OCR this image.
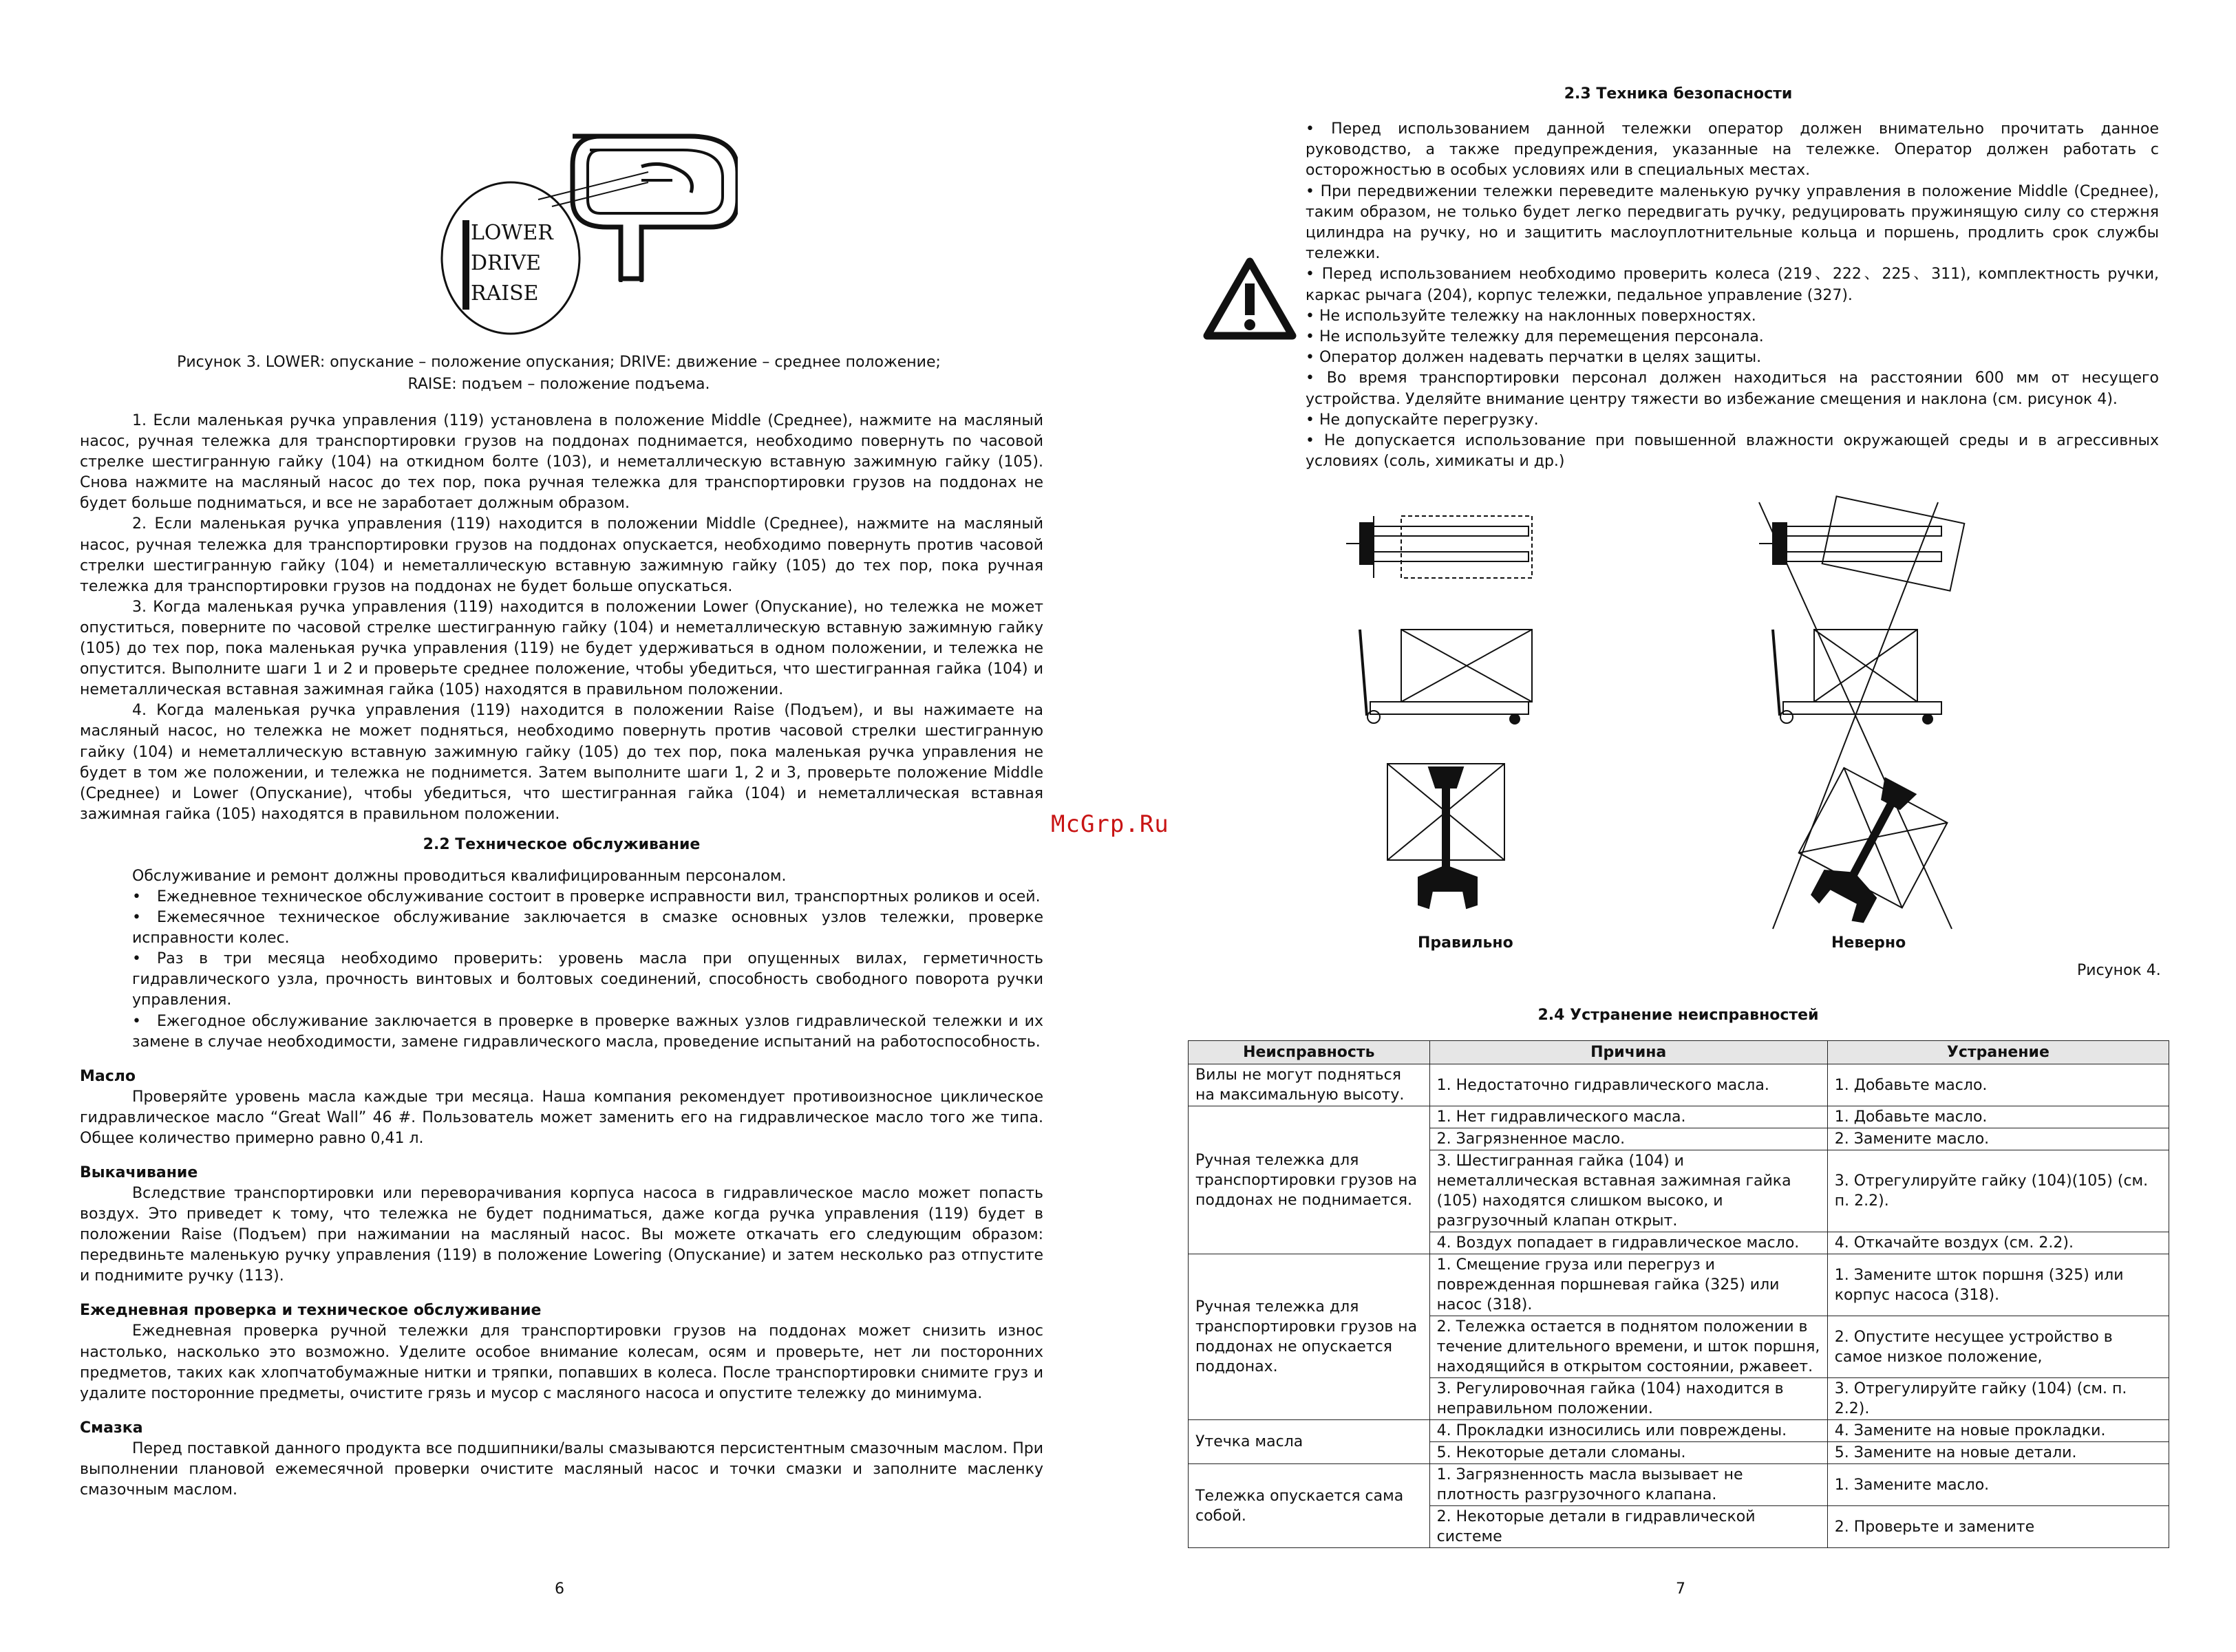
LOWER
DRIVE
RAISE
Рисунок 3. LOWER: опускание – положение опускания; DRIVE: движение – среднее положение;
RAISE: подъем – положение подъема.

1. Если маленькая ручка управления (119) установлена в положение Middle (Среднее), нажмите на масляный насос, ручная тележка для транспортировки грузов на поддонах поднимается, необходимо повернуть по часовой стрелке шестигранную гайку (104) на откидном болте (103), и неметаллическую вставную зажимную гайку (105). Снова нажмите на масляный насос до тех пор, пока ручная тележка для транспортировки грузов на поддонах не будет больше подниматься, и все не заработает должным образом.

2. Если маленькая ручка управления (119) находится в положении Middle (Среднее), нажмите на масляный насос, ручная тележка для транспортировки грузов на поддонах опускается, необходимо повернуть против часовой стрелки шестигранную гайку (104) и неметаллическую вставную зажимную гайку (105) до тех пор, пока ручная тележка для транспортировки грузов на поддонах не будет больше опускаться.

3. Когда маленькая ручка управления (119) находится в положении Lower (Опускание), но тележка не может опуститься, поверните по часовой стрелке шестигранную гайку (104) и неметаллическую вставную зажимную гайку (105) до тех пор, пока маленькая ручка управления (119) не будет удерживаться в одном положении, и тележка не опустится. Выполните шаги 1 и 2 и проверьте среднее положение, чтобы убедиться, что шестигранная гайка (104) и неметаллическая вставная зажимная гайка (105) находятся в правильном положении.

4. Когда маленькая ручка управления (119) находится в положении Raise (Подъем), и вы нажимаете на масляный насос, но тележка не может подняться, необходимо повернуть против часовой стрелки шестигранную гайку (104) и неметаллическую вставную зажимную гайку (105) до тех пор, пока маленькая ручка управления не будет в том же положении, и тележка не поднимется. Затем выполните шаги 1, 2 и 3, проверьте положение Middle (Среднее) и Lower (Опускание), чтобы убедиться, что шестигранная гайка (104) и неметаллическая вставная зажимная гайка (105) находятся в правильном положении.

2.2 Техническое обслуживание

Обслуживание и ремонт должны проводиться квалифицированным персоналом.

• Ежедневное техническое обслуживание состоит в проверке исправности вил, транспортных роликов и осей.

• Ежемесячное техническое обслуживание заключается в смазке основных узлов тележки, проверке исправности колес.

• Раз в три месяца необходимо проверить: уровень масла при опущенных вилах, герметичность гидравлического узла, прочность винтовых и болтовых соединений, способность свободного поворота ручки управления.

• Ежегодное обслуживание заключается в проверке в проверке важных узлов гидравлической тележки и их замене в случае необходимости, замене гидравлического масла, проведение испытаний на работоспособность.

Масло

Проверяйте уровень масла каждые три месяца. Наша компания рекомендует противоизносное циклическое гидравлическое масло “Great Wall” 46 #. Пользователь может заменить его на гидравлическое масло того же типа. Общее количество примерно равно 0,41 л.

Выкачивание

Вследствие транспортировки или переворачивания корпуса насоса в гидравлическое масло может попасть воздух. Это приведет к тому, что тележка не будет подниматься, даже когда ручка управления (119) будет в положении Raise (Подъем) при нажимании на масляный насос. Вы можете откачать его следующим образом: передвиньте маленькую ручку управления (119) в положение Lowering (Опускание) и затем несколько раз отпустите и поднимите ручку (113).

Ежедневная проверка и техническое обслуживание

Ежедневная проверка ручной тележки для транспортировки грузов на поддонах может снизить износ настолько, насколько это возможно. Уделите особое внимание колесам, осям и проверьте, нет ли посторонних предметов, таких как хлопчатобумажные нитки и тряпки, попавших в колеса. После транспортировки снимите груз и удалите посторонние предметы, очистите грязь и мусор с масляного насоса и опустите тележку до минимума.

Смазка

Перед поставкой данного продукта все подшипники/валы смазываются персистентным смазочным маслом. При выполнении плановой ежемесячной проверки очистите масляный насос и точки смазки и заполните масленку смазочным маслом.

6
McGrp.Ru
2.3 Техника безопасности

• Перед использованием данной тележки оператор должен внимательно прочитать данное руководство, а также предупреждения, указанные на тележке. Оператор должен работать с осторожностью в особых условиях или в специальных местах.

• При передвижении тележки переведите маленькую ручку управления в положение Middle (Среднее), таким образом, не только будет легко передвигать ручку, редуцировать пружинящую силу со стержня цилиндра на ручку, но и защитить маслоуплотнительные кольца и поршень, продлить срок службы тележки.

• Перед использованием необходимо проверить колеса (219、222、225、311), комплектность ручки, каркас рычага (204), корпус тележки, педальное управление (327).

• Не используйте тележку на наклонных поверхностях.

• Не используйте тележку для перемещения персонала.

• Оператор должен надевать перчатки в целях защиты.

• Во время транспортировки персонал должен находиться на расстоянии 600 мм от несущего устройства. Уделяйте внимание центру тяжести во избежание смещения и наклона (см. рисунок 4).

• Не допускайте перегрузку.

• Не допускается использование при повышенной влажности окружающей среды и в агрессивных условиях (соль, химикаты и др.)

Правильно	Неверно
Рисунок 4.
2.4 Устранение неисправностей
Неисправность	Причина	Устранение
Вилы не могут подняться на максимальную высоту.	1. Недостаточно гидравлического масла.	1. Добавьте масло.
Ручная тележка для транспортировки грузов на поддонах не поднимается.	1. Нет гидравлического масла.	1. Добавьте масло.
	2. Загрязненное масло.	2. Замените масло.
	3. Шестигранная гайка (104) и неметаллическая вставная зажимная гайка (105) находятся слишком высоко, и разгрузочный клапан открыт.	3. Отрегулируйте гайку (104)(105) (см. п. 2.2).
	4. Воздух попадает в гидравлическое масло.	4. Откачайте воздух (см. 2.2).
Ручная тележка для транспортировки грузов на поддонах не опускается поддонах.	1. Смещение груза или перегруз и поврежденная поршневая гайка (325) или насос (318).	1. Замените шток поршня (325) или корпус насоса (318).
	2. Тележка остается в поднятом положении в течение длительного времени, и шток поршня, находящийся в открытом состоянии, ржавеет.	2. Опустите несущее устройство в самое низкое положение,
	3. Регулировочная гайка (104) находится в неправильном положении.	3. Отрегулируйте гайку (104) (см. п. 2.2).
Утечка масла	4. Прокладки износились или повреждены.	4. Замените на новые прокладки.
	5. Некоторые детали сломаны.	5. Замените на новые детали.
Тележка опускается сама собой.	1. Загрязненность масла вызывает не плотность разгрузочного клапана.	1. Замените масло.
	2. Некоторые детали в гидравлической системе	2. Проверьте и замените
7
